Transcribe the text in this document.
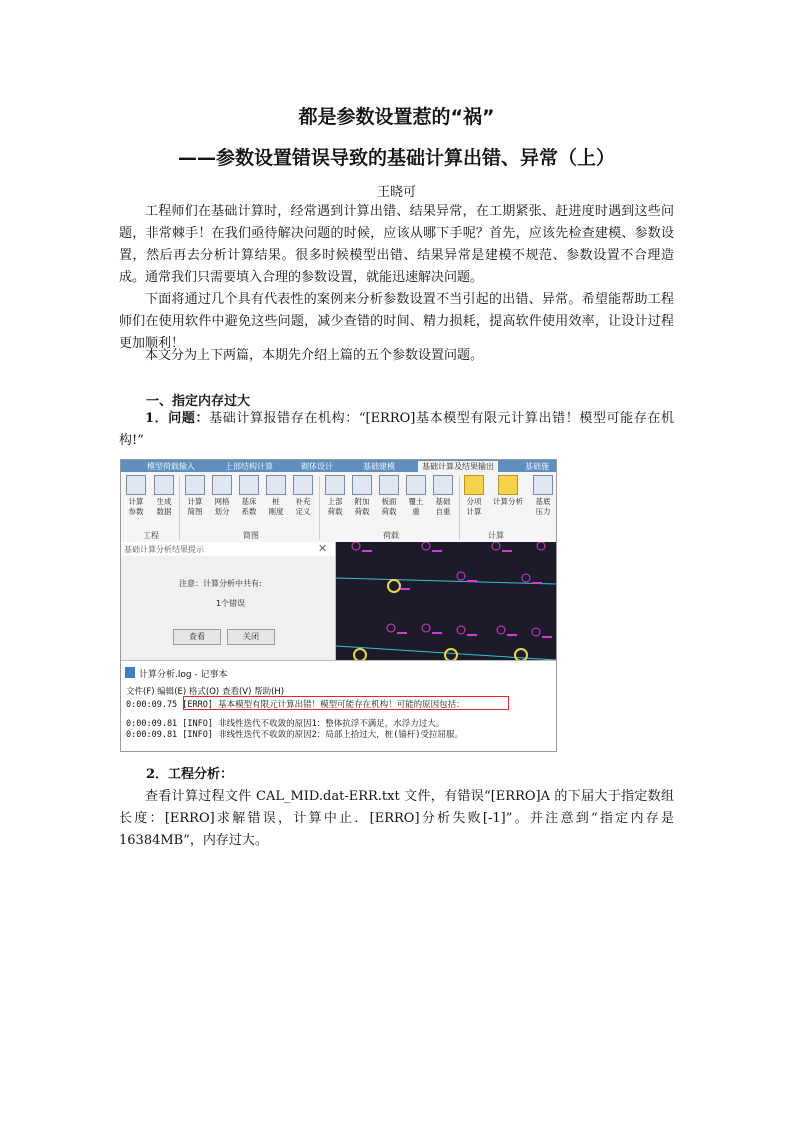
都是参数设置惹的“祸”
——参数设置错误导致的基础计算出错、异常（上）
王晓可
工程师们在基础计算时，经常遇到计算出错、结果异常，在工期紧张、赶进度时遇到这些问题，非常棘手！在我们亟待解决问题的时候，应该从哪下手呢？首先，应该先检查建模、参数设置，然后再去分析计算结果。很多时候模型出错、结果异常是建模不规范、参数设置不合理造成。通常我们只需要填入合理的参数设置，就能迅速解决问题。
下面将通过几个具有代表性的案例来分析参数设置不当引起的出错、异常。希望能帮助工程师们在使用软件中避免这些问题，减少查错的时间、精力损耗，提高软件使用效率，让设计过程更加顺利！
本文分为上下两篇，本期先介绍上篇的五个参数设置问题。
一、指定内存过大
1．问题：基础计算报错存在机构：“[ERRO]基本模型有限元计算出错！模型可能存在机构!”
模型荷载输入	上部结构计算	砌体设计	基础建模	基础计算及结果输出	基础施
计算
参数
生成
数据
计算
简图
网格
划分
基床
系数
桩
刚度
补充
定义
上部
荷载
附加
荷载
板面
荷载
覆土
重
基础
自重
分项
计算
计算分析	基底
压力
工程	简图	荷载	计算
基础计算分析结果提示	✕
注意：计算分析中共有:
1个错误
查看	关闭
计算分析.log - 记事本
文件(F) 编辑(E) 格式(O) 查看(V) 帮助(H)
0:00:09.75 [ERRO] 基本模型有限元计算出错！模型可能存在机构！可能的原因包括：
0:00:09.81 [INFO] 非线性迭代不收敛的原因1：整体抗浮不满足，水浮力过大。
0:00:09.81 [INFO] 非线性迭代不收敛的原因2：局部上拾过大，桩(锚杆)受拉屈服。
2．工程分析：
查看计算过程文件 CAL_MID.dat-ERR.txt 文件，有错误“[ERRO]A 的下届大于指定数组长度：[ERRO]求解错误，计算中止．[ERRO]分析失败[-1]”。并注意到“指定内存是 16384MB”，内存过大。
